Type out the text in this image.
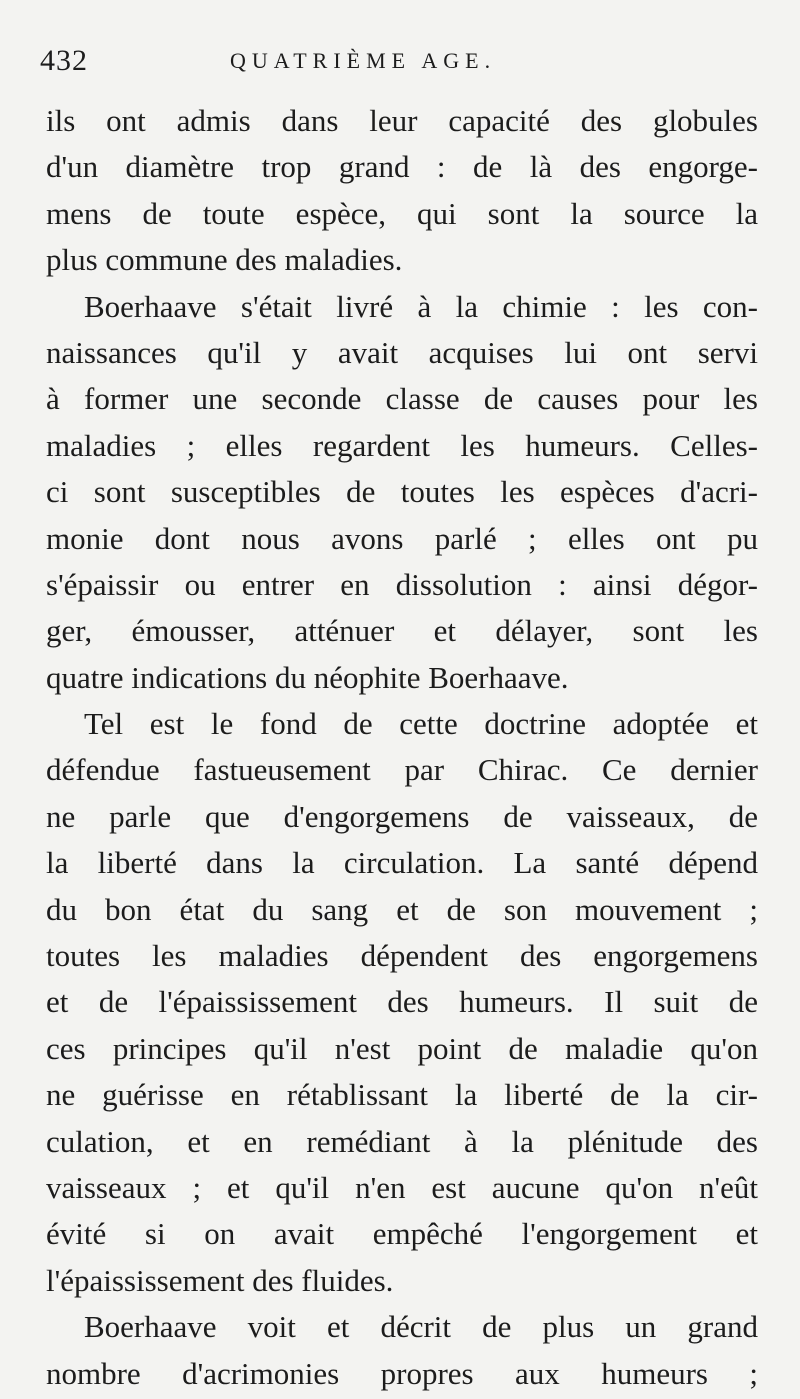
432	QUATRIÈME AGE.
ils ont admis dans leur capacité des globules
d'un diamètre trop grand : de là des engorge-
mens de toute espèce, qui sont la source la
plus commune des maladies.
Boerhaave s'était livré à la chimie : les con-
naissances qu'il y avait acquises lui ont servi
à former une seconde classe de causes pour les
maladies ; elles regardent les humeurs. Celles-
ci sont susceptibles de toutes les espèces d'acri-
monie dont nous avons parlé ; elles ont pu
s'épaissir ou entrer en dissolution : ainsi dégor-
ger, émousser, atténuer et délayer, sont les
quatre indications du néophite Boerhaave.
Tel est le fond de cette doctrine adoptée et
défendue fastueusement par Chirac. Ce dernier
ne parle que d'engorgemens de vaisseaux, de
la liberté dans la circulation. La santé dépend
du bon état du sang et de son mouvement ;
toutes les maladies dépendent des engorgemens
et de l'épaississement des humeurs. Il suit de
ces principes qu'il n'est point de maladie qu'on
ne guérisse en rétablissant la liberté de la cir-
culation, et en remédiant à la plénitude des
vaisseaux ; et qu'il n'en est aucune qu'on n'eût
évité si on avait empêché l'engorgement et
l'épaississement des fluides.
Boerhaave voit et décrit de plus un grand
nombre d'acrimonies propres aux humeurs ;
